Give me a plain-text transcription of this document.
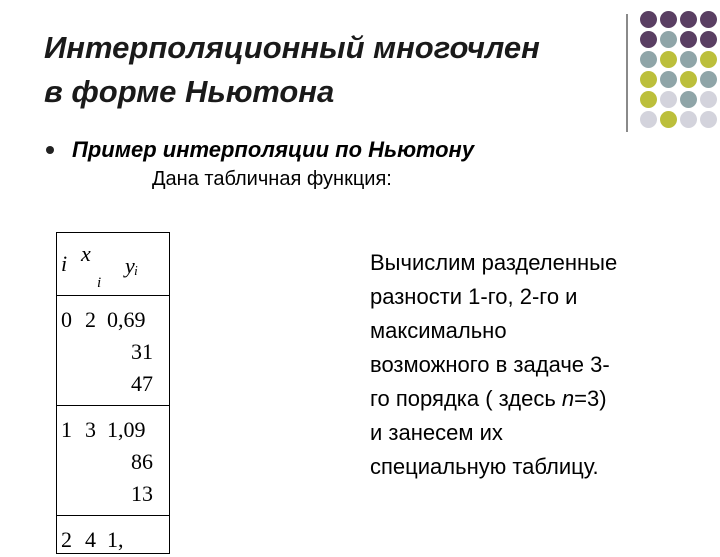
Интерполяционный многочлен
в форме Ньютона
Пример интерполяции по Ньютону
Дана табличная функция:
i x
i
yᵢ
0 2 0,69
31
47
1 3 1,09
86
13
2 4 1,
Вычислим разделенные
разности 1-го, 2-го и
максимально
возможного в задаче 3-
го порядка ( здесь n=3)
и занесем их
специальную таблицу.
